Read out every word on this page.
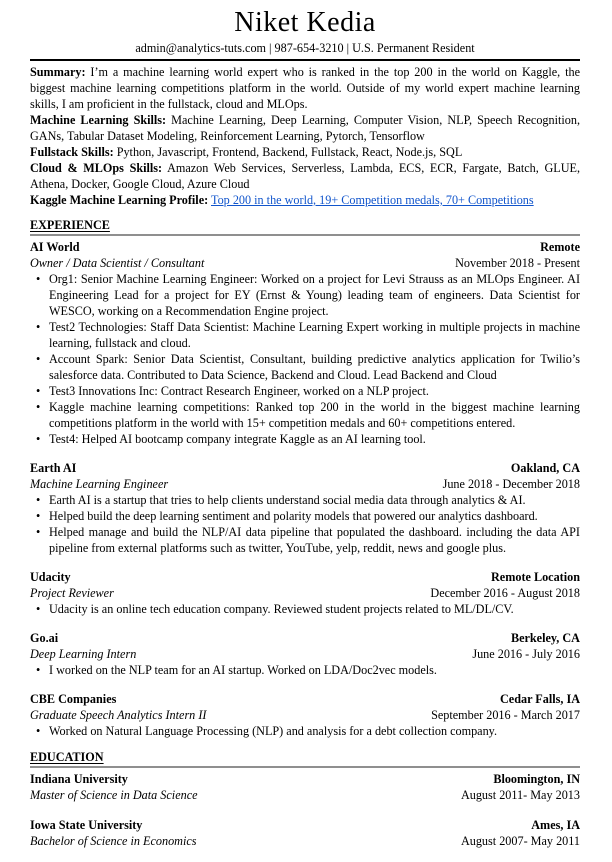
Niket Kedia
admin@analytics-tuts.com | 987-654-3210 | U.S. Permanent Resident

Summary: I’m a machine learning world expert who is ranked in the top 200 in the world on Kaggle, the biggest machine learning competitions platform in the world. Outside of my world expert machine learning skills, I am proficient in the fullstack, cloud and MLOps.

Machine Learning Skills: Machine Learning, Deep Learning, Computer Vision, NLP, Speech Recognition, GANs, Tabular Dataset Modeling, Reinforcement Learning, Pytorch, Tensorflow

Fullstack Skills: Python, Javascript, Frontend, Backend, Fullstack, React, Node.js, SQL

Cloud & MLOps Skills: Amazon Web Services, Serverless, Lambda, ECS, ECR, Fargate, Batch, GLUE, Athena, Docker, Google Cloud, Azure Cloud

Kaggle Machine Learning Profile: Top 200 in the world, 19+ Competition medals, 70+ Competitions

EXPERIENCE
AI World	Remote
Owner / Data Scientist / Consultant	November 2018 - Present
• Org1: Senior Machine Learning Engineer: Worked on a project for Levi Strauss as an MLOps Engineer. AI Engineering Lead for a project for EY (Ernst & Young) leading team of engineers. Data Scientist for WESCO, working on a Recommendation Engine project.
• Test2 Technologies: Staff Data Scientist: Machine Learning Expert working in multiple projects in machine learning, fullstack and cloud.
• Account Spark: Senior Data Scientist, Consultant, building predictive analytics application for Twilio’s salesforce data. Contributed to Data Science, Backend and Cloud. Lead Backend and Cloud
• Test3 Innovations Inc: Contract Research Engineer, worked on a NLP project.
• Kaggle machine learning competitions: Ranked top 200 in the world in the biggest machine learning competitions platform in the world with 15+ competition medals and 60+ competitions entered.
• Test4: Helped AI bootcamp company integrate Kaggle as an AI learning tool.
Earth AI	Oakland, CA
Machine Learning Engineer	June 2018 - December 2018
• Earth AI is a startup that tries to help clients understand social media data through analytics & AI.
• Helped build the deep learning sentiment and polarity models that powered our analytics dashboard.
• Helped manage and build the NLP/AI data pipeline that populated the dashboard. including the data API pipeline from external platforms such as twitter, YouTube, yelp, reddit, news and google plus.
Udacity	Remote Location
Project Reviewer	December 2016 - August 2018
• Udacity is an online tech education company. Reviewed student projects related to ML/DL/CV.
Go.ai	Berkeley, CA
Deep Learning Intern	June 2016 - July 2016
• I worked on the NLP team for an AI startup. Worked on LDA/Doc2vec models.
CBE Companies	Cedar Falls, IA
Graduate Speech Analytics Intern II	September 2016 - March 2017
• Worked on Natural Language Processing (NLP) and analysis for a debt collection company.
EDUCATION
Indiana University	Bloomington, IN
Master of Science in Data Science	August 2011- May 2013
Iowa State University	Ames, IA
Bachelor of Science in Economics	August 2007- May 2011
